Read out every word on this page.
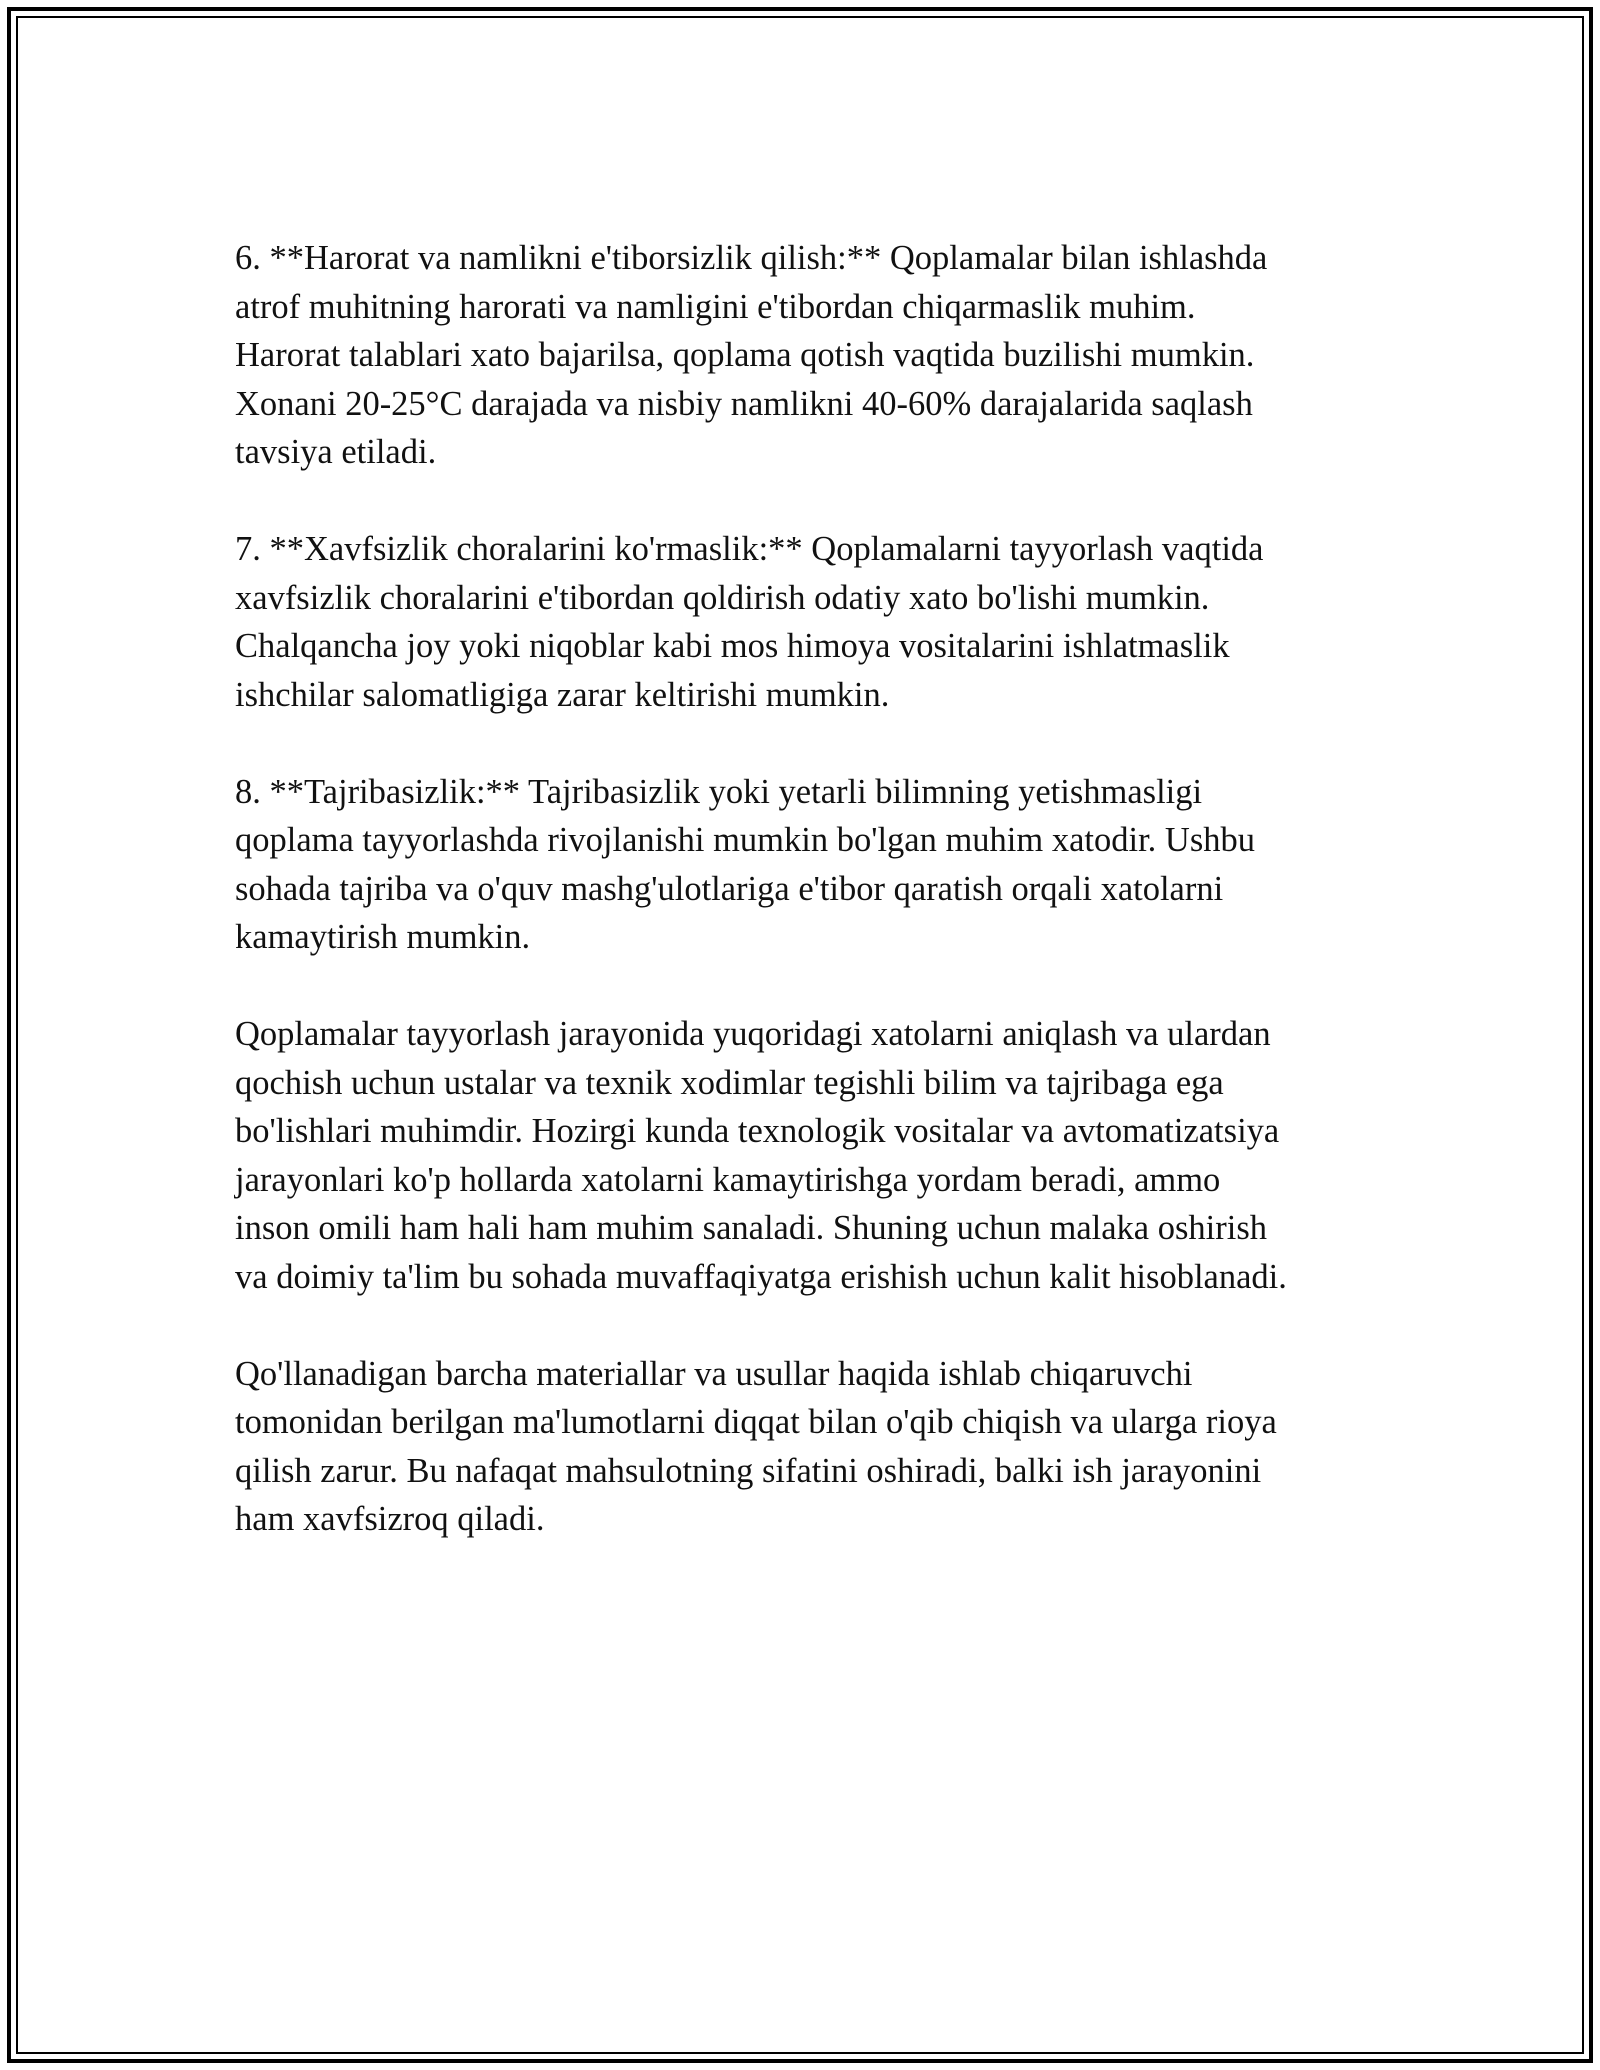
6. **Harorat va namlikni e'tiborsizlik qilish:** Qoplamalar bilan ishlashda
atrof muhitning harorati va namligini e'tibordan chiqarmaslik muhim.
Harorat talablari xato bajarilsa, qoplama qotish vaqtida buzilishi mumkin.
Xonani 20-25°C darajada va nisbiy namlikni 40-60% darajalarida saqlash
tavsiya etiladi.

7. **Xavfsizlik choralarini ko'rmaslik:** Qoplamalarni tayyorlash vaqtida
xavfsizlik choralarini e'tibordan qoldirish odatiy xato bo'lishi mumkin.
Chalqancha joy yoki niqoblar kabi mos himoya vositalarini ishlatmaslik
ishchilar salomatligiga zarar keltirishi mumkin.

8. **Tajribasizlik:** Tajribasizlik yoki yetarli bilimning yetishmasligi
qoplama tayyorlashda rivojlanishi mumkin bo'lgan muhim xatodir. Ushbu
sohada tajriba va o'quv mashg'ulotlariga e'tibor qaratish orqali xatolarni
kamaytirish mumkin.

Qoplamalar tayyorlash jarayonida yuqoridagi xatolarni aniqlash va ulardan
qochish uchun ustalar va texnik xodimlar tegishli bilim va tajribaga ega
bo'lishlari muhimdir. Hozirgi kunda texnologik vositalar va avtomatizatsiya
jarayonlari ko'p hollarda xatolarni kamaytirishga yordam beradi, ammo
inson omili ham hali ham muhim sanaladi. Shuning uchun malaka oshirish
va doimiy ta'lim bu sohada muvaffaqiyatga erishish uchun kalit hisoblanadi.

Qo'llanadigan barcha materiallar va usullar haqida ishlab chiqaruvchi
tomonidan berilgan ma'lumotlarni diqqat bilan o'qib chiqish va ularga rioya
qilish zarur. Bu nafaqat mahsulotning sifatini oshiradi, balki ish jarayonini
ham xavfsizroq qiladi.
